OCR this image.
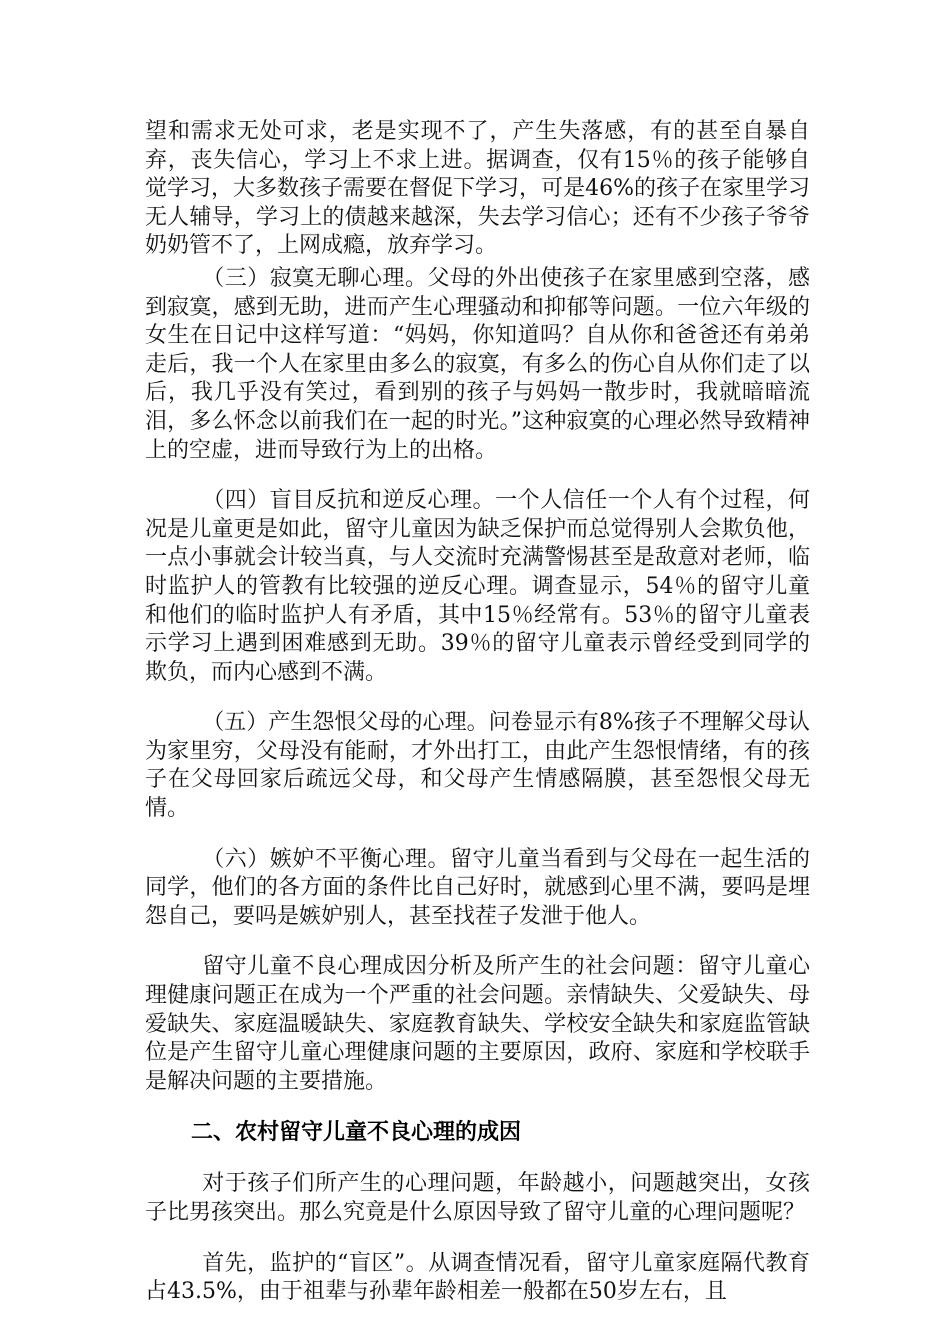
望和需求无处可求，老是实现不了，产生失落感，有的甚至自暴自弃，丧失信心，学习上不求上进。据调查，仅有15％的孩子能够自觉学习，大多数孩子需要在督促下学习，可是46%的孩子在家里学习无人辅导，学习上的债越来越深，失去学习信心；还有不少孩子爷爷奶奶管不了，上网成瘾，放弃学习。

（三）寂寞无聊心理。父母的外出使孩子在家里感到空落，感到寂寞，感到无助，进而产生心理骚动和抑郁等问题。一位六年级的女生在日记中这样写道：“妈妈，你知道吗？自从你和爸爸还有弟弟走后，我一个人在家里由多么的寂寞，有多么的伤心自从你们走了以后，我几乎没有笑过，看到别的孩子与妈妈一散步时，我就暗暗流泪，多么怀念以前我们在一起的时光。”这种寂寞的心理必然导致精神上的空虚，进而导致行为上的出格。

（四）盲目反抗和逆反心理。一个人信任一个人有个过程，何况是儿童更是如此，留守儿童因为缺乏保护而总觉得别人会欺负他，一点小事就会计较当真，与人交流时充满警惕甚至是敌意对老师，临时监护人的管教有比较强的逆反心理。调查显示，54％的留守儿童和他们的临时监护人有矛盾，其中15％经常有。53％的留守儿童表示学习上遇到困难感到无助。39％的留守儿童表示曾经受到同学的欺负，而内心感到不满。

（五）产生怨恨父母的心理。问卷显示有8%孩子不理解父母认为家里穷，父母没有能耐，才外出打工，由此产生怨恨情绪，有的孩子在父母回家后疏远父母，和父母产生情感隔膜，甚至怨恨父母无情。

（六）嫉妒不平衡心理。留守儿童当看到与父母在一起生活的同学，他们的各方面的条件比自己好时，就感到心里不满，要吗是埋怨自己，要吗是嫉妒别人，甚至找茬子发泄于他人。

留守儿童不良心理成因分析及所产生的社会问题：留守儿童心理健康问题正在成为一个严重的社会问题。亲情缺失、父爱缺失、母爱缺失、家庭温暖缺失、家庭教育缺失、学校安全缺失和家庭监管缺位是产生留守儿童心理健康问题的主要原因，政府、家庭和学校联手是解决问题的主要措施。

二、农村留守儿童不良心理的成因

对于孩子们所产生的心理问题，年龄越小，问题越突出，女孩子比男孩突出。那么究竟是什么原因导致了留守儿童的心理问题呢？

首先，监护的“盲区”。从调查情况看，留守儿童家庭隔代教育占43.5%，由于祖辈与孙辈年龄相差一般都在50岁左右，且
